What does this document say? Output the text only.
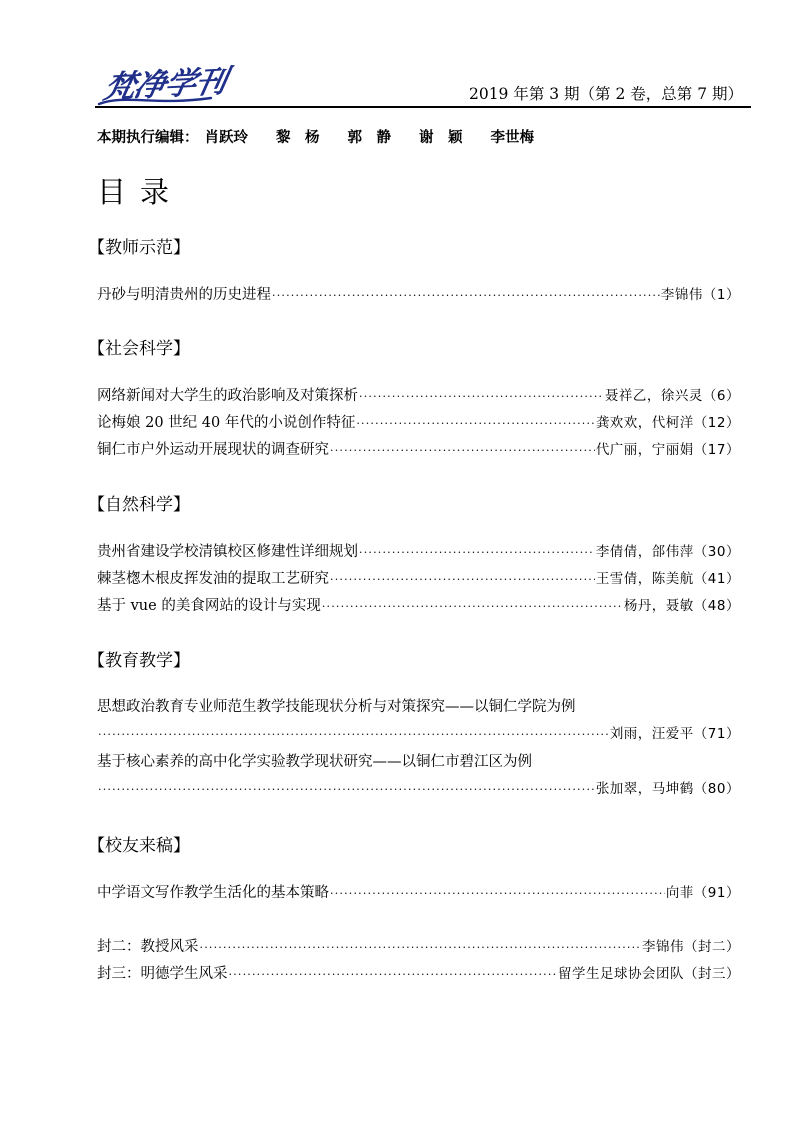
梵净学刊	2019 年第 3 期（第 2 卷，总第 7 期）
本期执行编辑： 肖跃玲 黎　杨 郭　静 谢　颖 李世梅
目录
【教师示范】
丹砂与明清贵州的历史进程 ·····	李锦伟（1）
【社会科学】
网络新闻对大学生的政治影响及对策探析 ·····	聂祥乙，徐兴灵（6）
论梅娘 20 世纪 40 年代的小说创作特征 ·····	龚欢欢，代柯洋（12）
铜仁市户外运动开展现状的调查研究 ·····	代广丽，宁丽娟（17）
【自然科学】
贵州省建设学校清镇校区修建性详细规划 ·····	李倩倩，郃伟萍（30）
棘茎楤木根皮挥发油的提取工艺研究 ·····	王雪倩，陈美航（41）
基于 vue 的美食网站的设计与实现 ·····	杨丹，聂敏（48）
【教育教学】
思想政治教育专业师范生教学技能现状分析与对策探究——以铜仁学院为例
·····
刘雨，汪爱平（71）
基于核心素养的高中化学实验教学现状研究——以铜仁市碧江区为例
·····
张加翠，马坤鹤（80）
【校友来稿】
中学语文写作教学生活化的基本策略 ·····	向菲（91）
封二：教授风采 ·····	李锦伟（封二）
封三：明德学生风采 ·····	留学生足球协会团队（封三）
